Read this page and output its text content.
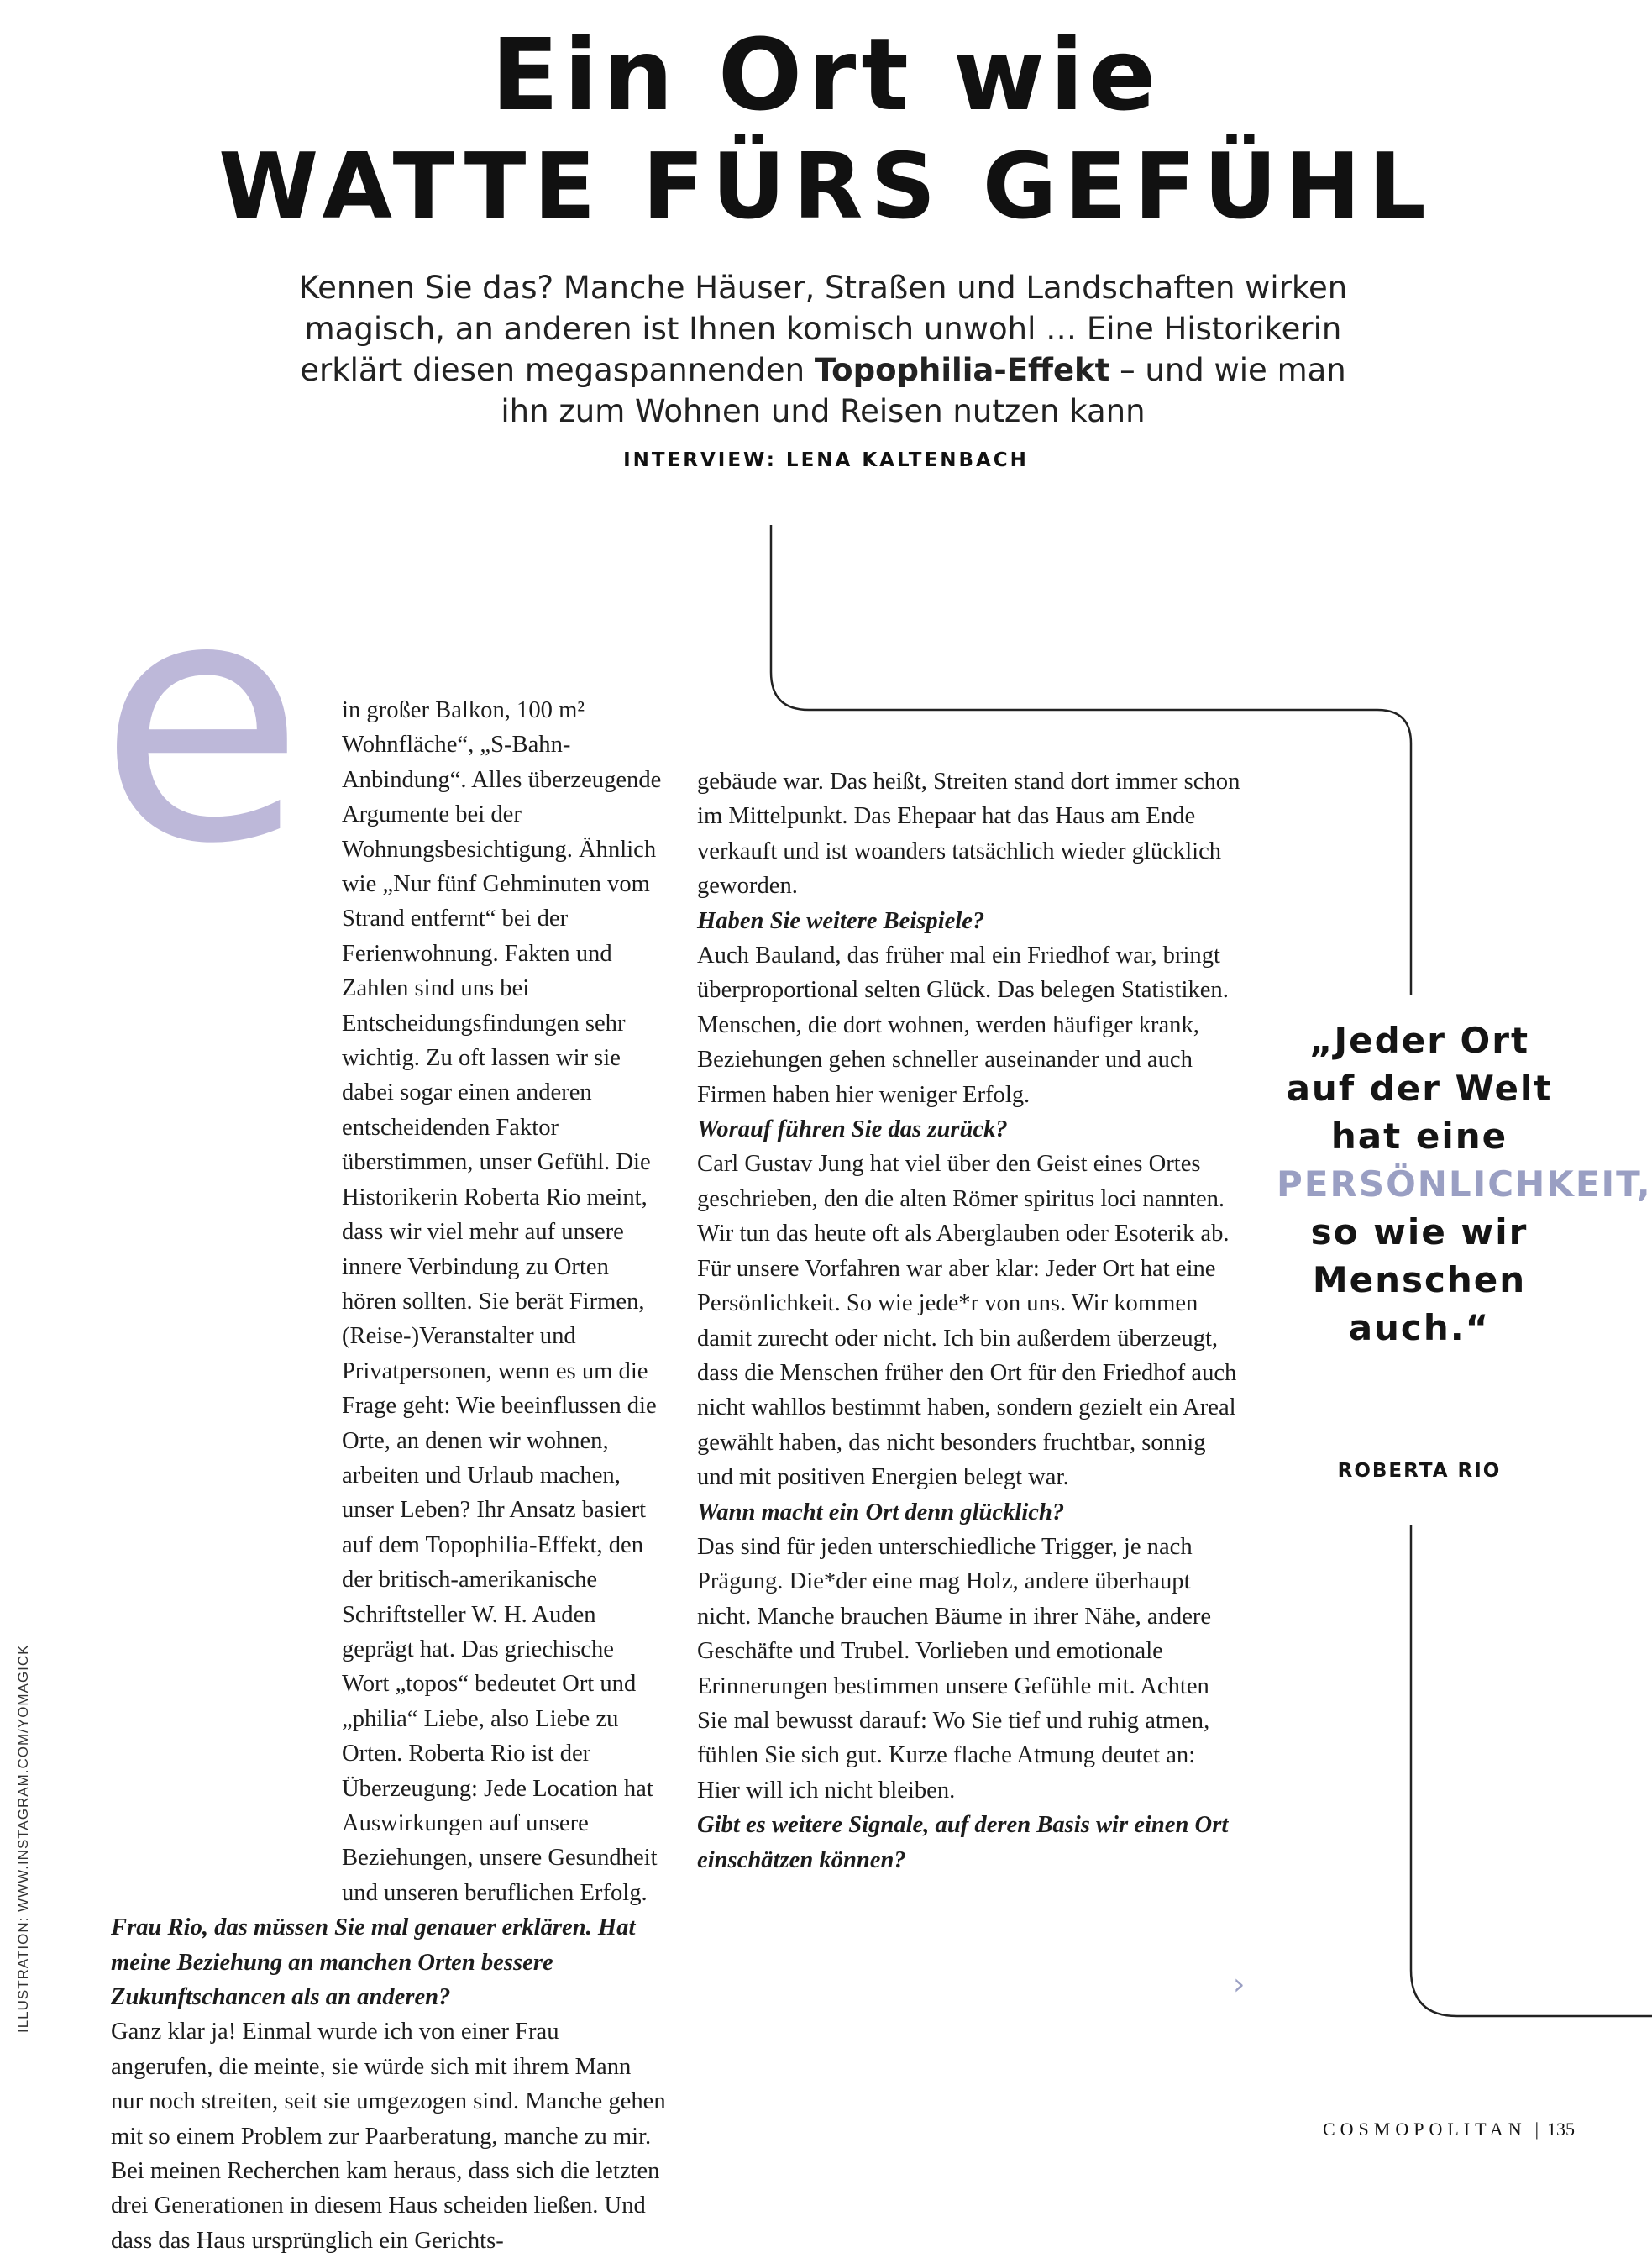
Ein Ort wie
WATTE FÜRS GEFÜHL
Kennen Sie das? Manche Häuser, Straßen und Landschaften wirken magisch, an anderen ist Ihnen komisch unwohl … Eine Historikerin erklärt diesen megaspannenden Topophilia-Effekt – und wie man ihn zum Wohnen und Reisen nutzen kann
INTERVIEW: LENA KALTENBACH
e	in großer Balkon, 100 m² Wohnfläche“, „S-Bahn-Anbindung“. Alles überzeugende Argumente bei der Wohnungsbesichtigung. Ähnlich wie „Nur fünf Gehminuten vom Strand entfernt“ bei der Ferienwohnung. Fakten und Zahlen sind uns bei Entscheidungsfindungen sehr wichtig. Zu oft lassen wir sie dabei sogar einen anderen entscheidenden Faktor überstimmen, unser Gefühl. Die Historikerin Roberta Rio meint, dass wir viel mehr auf unsere innere Verbindung zu Orten hören sollten. Sie berät Firmen, (Reise-)Veranstalter und Privatpersonen, wenn es um die Frage geht: Wie beeinflussen die Orte, an denen wir wohnen, arbeiten und Urlaub machen, unser Leben? Ihr Ansatz basiert auf dem Topophilia-Effekt, den der britisch-amerikanische Schriftsteller W. H. Auden geprägt hat. Das griechische Wort „topos“ bedeutet Ort und „philia“ Liebe, also Liebe zu Orten. Roberta Rio ist der Überzeugung: Jede Location hat Auswirkungen auf unsere Beziehungen, unsere Gesundheit und unseren beruflichen Erfolg.

Frau Rio, das müssen Sie mal genauer erklären. Hat meine Beziehung an manchen Orten bessere Zukunftschancen als an anderen?

Ganz klar ja! Einmal wurde ich von einer Frau angerufen, die meinte, sie würde sich mit ihrem Mann nur noch streiten, seit sie umgezogen sind. Manche gehen mit so einem Problem zur Paarberatung, manche zu mir. Bei meinen Recherchen kam heraus, dass sich die letzten drei Generationen in diesem Haus scheiden ließen. Und dass das Haus ursprünglich ein Gerichts-

gebäude war. Das heißt, Streiten stand dort immer schon im Mittelpunkt. Das Ehepaar hat das Haus am Ende verkauft und ist woanders tatsächlich wieder glücklich geworden.

Haben Sie weitere Beispiele?

Auch Bauland, das früher mal ein Friedhof war, bringt überproportional selten Glück. Das belegen Statistiken. Menschen, die dort wohnen, werden häufiger krank, Beziehungen gehen schneller auseinander und auch Firmen haben hier weniger Erfolg.

Worauf führen Sie das zurück?

Carl Gustav Jung hat viel über den Geist eines Ortes geschrieben, den die alten Römer spiritus loci nannten. Wir tun das heute oft als Aberglauben oder Esoterik ab. Für unsere Vorfahren war aber klar: Jeder Ort hat eine Persönlichkeit. So wie jede*r von uns. Wir kommen damit zurecht oder nicht. Ich bin außerdem überzeugt, dass die Menschen früher den Ort für den Friedhof auch nicht wahllos bestimmt haben, sondern gezielt ein Areal gewählt haben, das nicht besonders fruchtbar, sonnig und mit positiven Energien belegt war.

Wann macht ein Ort denn glücklich?

Das sind für jeden unterschiedliche Trigger, je nach Prägung. Die*der eine mag Holz, andere überhaupt nicht. Manche brauchen Bäume in ihrer Nähe, andere Geschäfte und Trubel. Vorlieben und emotionale Erinnerungen bestimmen unsere Gefühle mit. Achten Sie mal bewusst darauf: Wo Sie tief und ruhig atmen, fühlen Sie sich gut. Kurze flache Atmung deutet an: Hier will ich nicht bleiben.

Gibt es weitere Signale, auf deren Basis wir einen Ort einschätzen können?

„Jeder Ort auf der Welt hat eine PERSÖNLICHKEIT, so wie wir Menschen auch.“
ROBERTA RIO
ILLUSTRATION: WWW.INSTAGRAM.COM/YOMAGICK	›
COSMOPOLITAN | 135
